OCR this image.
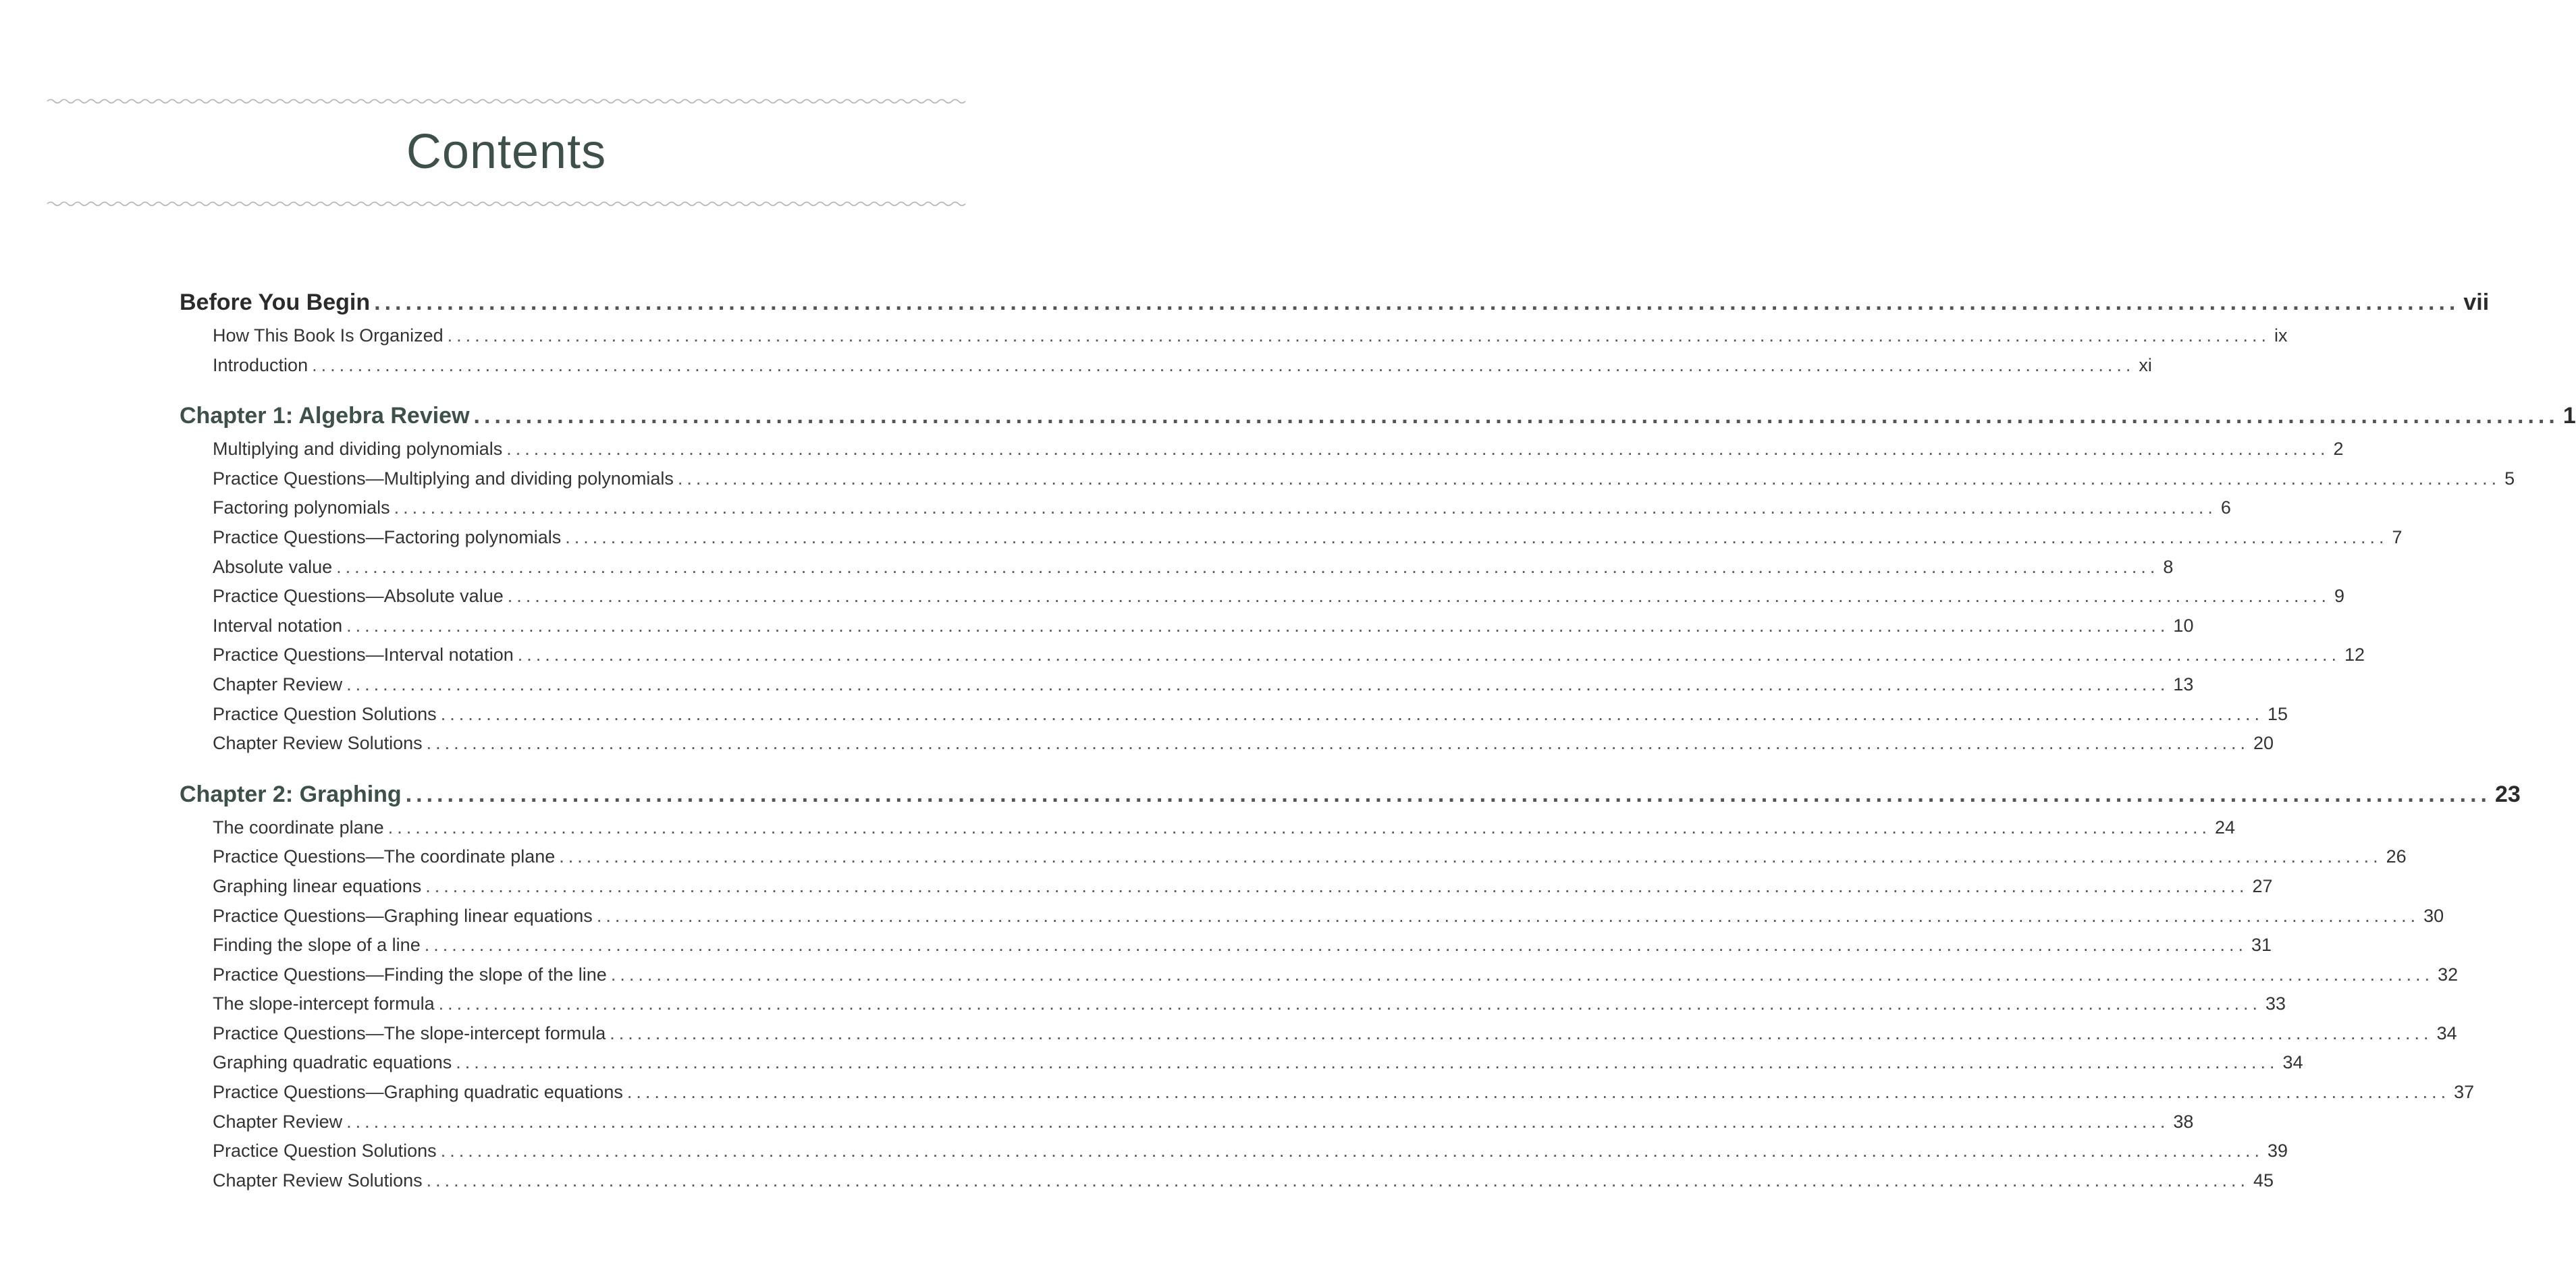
Contents
Before You Begin ........................................................................................................................................................................................................ vii
How This Book Is Organized ........................................................................................................................................................................................................ ix
Introduction ........................................................................................................................................................................................................ xi
Chapter 1: Algebra Review ........................................................................................................................................................................................................ 1
Multiplying and dividing polynomials ........................................................................................................................................................................................................ 2
Practice Questions—Multiplying and dividing polynomials ........................................................................................................................................................................................................ 5
Factoring polynomials ........................................................................................................................................................................................................ 6
Practice Questions—Factoring polynomials ........................................................................................................................................................................................................ 7
Absolute value ........................................................................................................................................................................................................ 8
Practice Questions—Absolute value ........................................................................................................................................................................................................ 9
Interval notation ........................................................................................................................................................................................................ 10
Practice Questions—Interval notation ........................................................................................................................................................................................................ 12
Chapter Review ........................................................................................................................................................................................................ 13
Practice Question Solutions ........................................................................................................................................................................................................ 15
Chapter Review Solutions ........................................................................................................................................................................................................ 20
Chapter 2: Graphing ........................................................................................................................................................................................................ 23
The coordinate plane ........................................................................................................................................................................................................ 24
Practice Questions—The coordinate plane ........................................................................................................................................................................................................ 26
Graphing linear equations ........................................................................................................................................................................................................ 27
Practice Questions—Graphing linear equations ........................................................................................................................................................................................................ 30
Finding the slope of a line ........................................................................................................................................................................................................ 31
Practice Questions—Finding the slope of the line ........................................................................................................................................................................................................ 32
The slope-intercept formula ........................................................................................................................................................................................................ 33
Practice Questions—The slope-intercept formula ........................................................................................................................................................................................................ 34
Graphing quadratic equations ........................................................................................................................................................................................................ 34
Practice Questions—Graphing quadratic equations ........................................................................................................................................................................................................ 37
Chapter Review ........................................................................................................................................................................................................ 38
Practice Question Solutions ........................................................................................................................................................................................................ 39
Chapter Review Solutions ........................................................................................................................................................................................................ 45
